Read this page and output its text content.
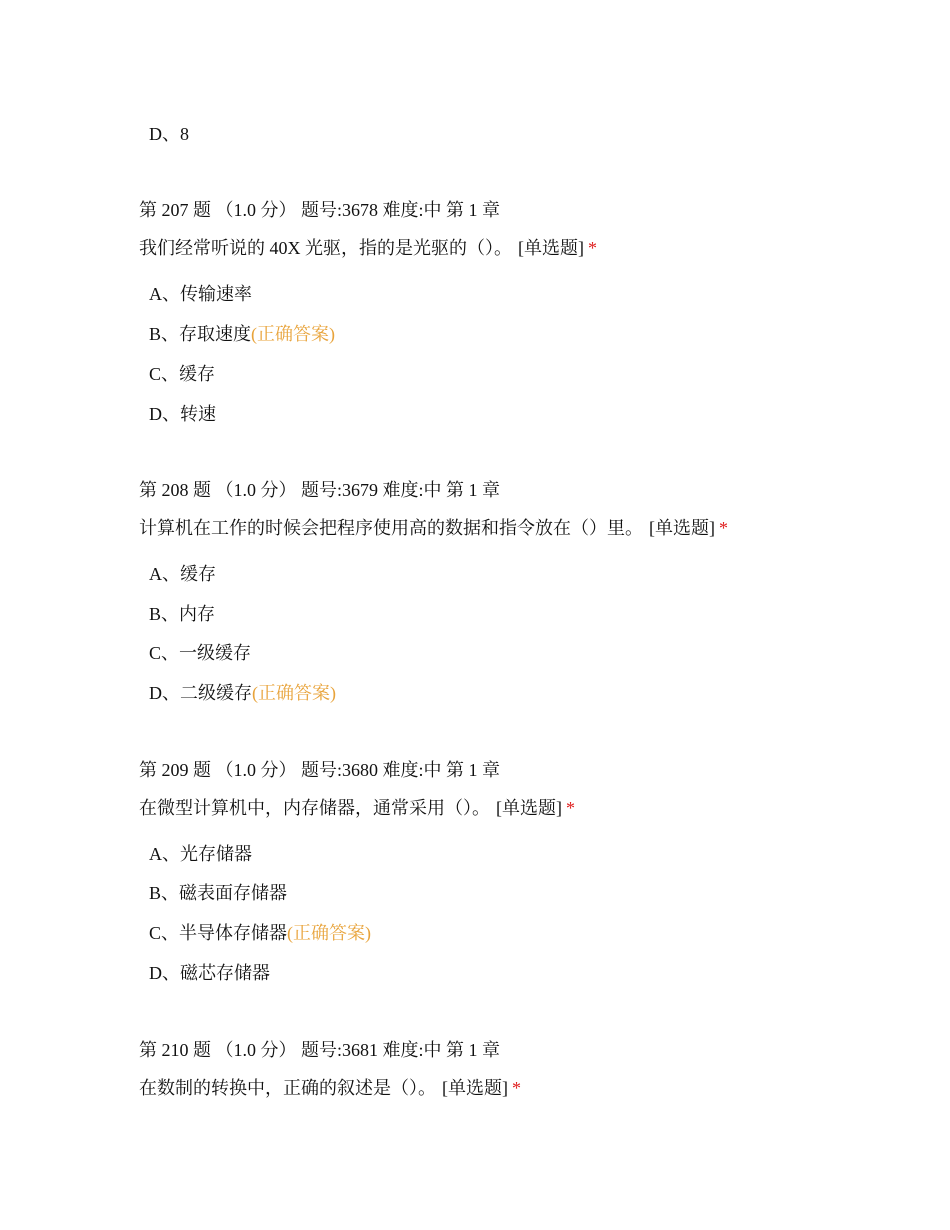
D、8
第 207 题 （1.0 分） 题号:3678 难度:中 第 1 章
我们经常听说的 40X 光驱，指的是光驱的（）。 [单选题] *
A、传输速率
B、存取速度(正确答案)
C、缓存
D、转速
第 208 题 （1.0 分） 题号:3679 难度:中 第 1 章
计算机在工作的时候会把程序使用高的数据和指令放在（）里。 [单选题] *
A、缓存
B、内存
C、一级缓存
D、二级缓存(正确答案)
第 209 题 （1.0 分） 题号:3680 难度:中 第 1 章
在微型计算机中，内存储器，通常采用（）。 [单选题] *
A、光存储器
B、磁表面存储器
C、半导体存储器(正确答案)
D、磁芯存储器
第 210 题 （1.0 分） 题号:3681 难度:中 第 1 章
在数制的转换中，正确的叙述是（）。 [单选题] *
